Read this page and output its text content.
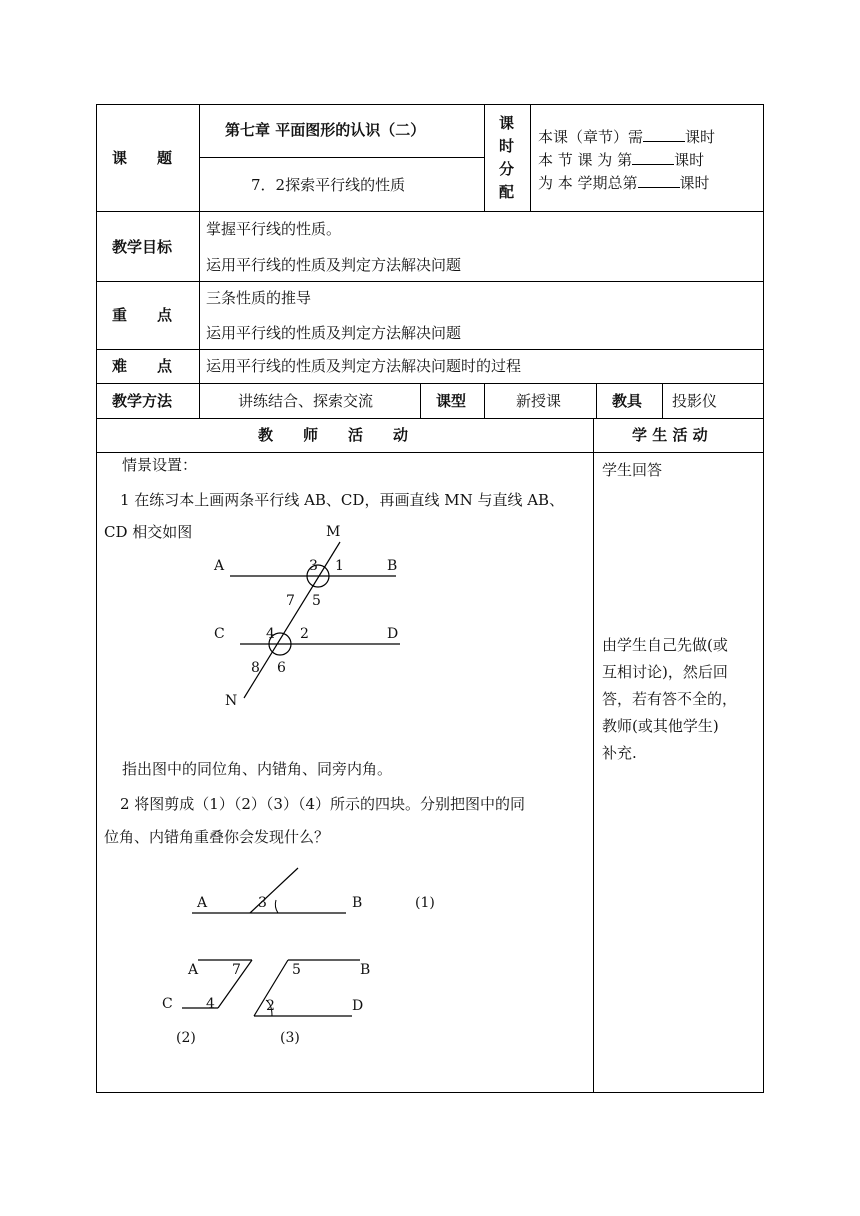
课　　题
第七章 平面图形的认识（二）
7．2探索平行线的性质
课
时
分
配
本课（章节）需	课时
本 节 课 为 第	课时
为 本 学期总第	课时
教学目标
掌握平行线的性质。
运用平行线的性质及判定方法解决问题
重　　点
三条性质的推导
运用平行线的性质及判定方法解决问题
难　　点 运用平行线的性质及判定方法解决问题时的过程
教学方法	讲练结合、探索交流	课型	新授课	教具 投影仪
教　　师　　活　　动	学 生 活 动
情景设置：
1 在练习本上画两条平行线 AB、CD，再画直线 MN 与直线 AB、
CD 相交如图	M
A	B
C	D
N
3 1
7 5
4 2
8 6
指出图中的同位角、内错角、同旁内角。
2 将图剪成（1）（2）（3）（4）所示的四块。分别把图中的同
位角、内错角重叠你会发现什么？
A	3	B	(1)
A 7
C 4
(2)
5	B
2	D
(3)
学生回答
由学生自己先做(或
互相讨论)，然后回
答，若有答不全的，
教师(或其他学生)
补充.
